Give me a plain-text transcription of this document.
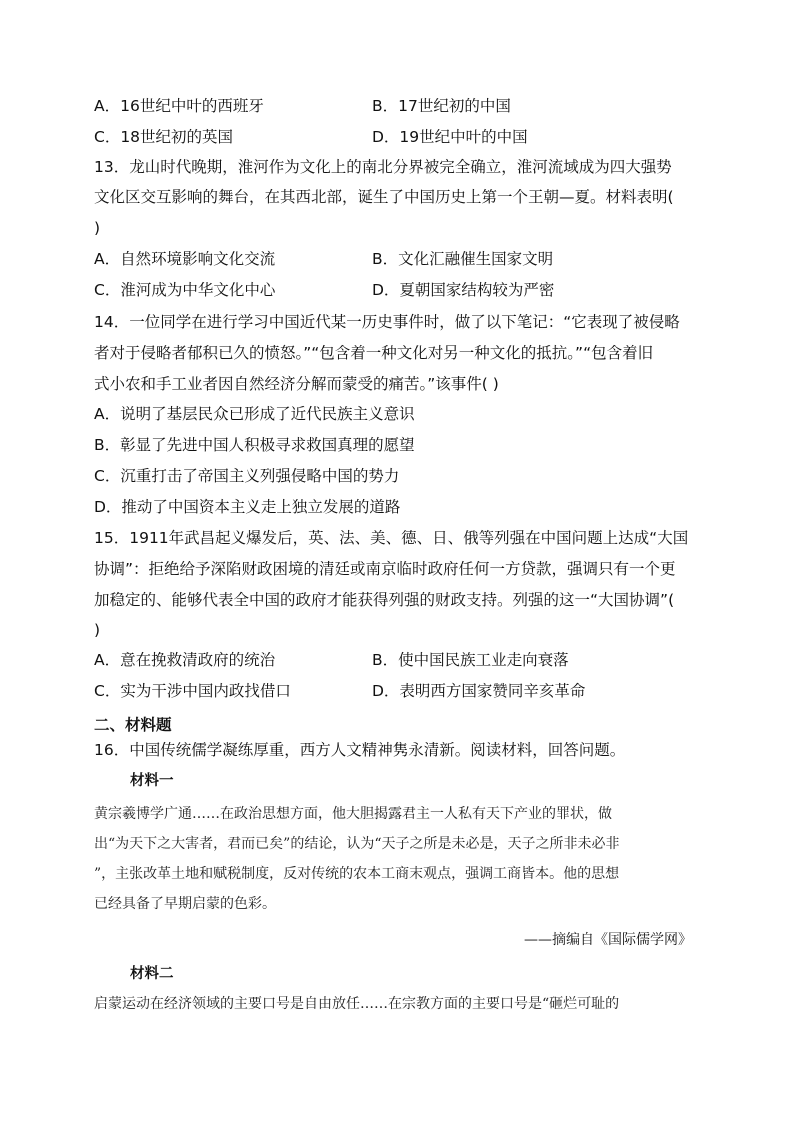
A．16世纪中叶的西班牙	B．17世纪初的中国
C．18世纪初的英国	D．19世纪中叶的中国
13．龙山时代晚期，淮河作为文化上的南北分界被完全确立，淮河流域成为四大强势
文化区交互影响的舞台，在其西北部，诞生了中国历史上第一个王朝—夏。材料表明(
)
A．自然环境影响文化交流	B．文化汇融催生国家文明
C．淮河成为中华文化中心	D．夏朝国家结构较为严密
14．一位同学在进行学习中国近代某一历史事件时，做了以下笔记：“它表现了被侵略
者对于侵略者郁积已久的愤怒。”“包含着一种文化对另一种文化的抵抗。”“包含着旧
式小农和手工业者因自然经济分解而蒙受的痛苦。”该事件( )
A．说明了基层民众已形成了近代民族主义意识
B．彰显了先进中国人积极寻求救国真理的愿望
C．沉重打击了帝国主义列强侵略中国的势力
D．推动了中国资本主义走上独立发展的道路
15．1911年武昌起义爆发后，英、法、美、德、日、俄等列强在中国问题上达成“大国
协调”：拒绝给予深陷财政困境的清廷或南京临时政府任何一方贷款，强调只有一个更
加稳定的、能够代表全中国的政府才能获得列强的财政支持。列强的这一“大国协调”(
)
A．意在挽救清政府的统治	B．使中国民族工业走向衰落
C．实为干涉中国内政找借口	D．表明西方国家赞同辛亥革命
二、材料题
16．中国传统儒学凝练厚重，西方人文精神隽永清新。阅读材料，回答问题。
材料一
黄宗羲博学广通……在政治思想方面，他大胆揭露君主一人私有天下产业的罪状，做
出“为天下之大害者，君而已矣”的结论，认为“天子之所是未必是，天子之所非未必非
”，主张改革土地和赋税制度，反对传统的农本工商末观点，强调工商皆本。他的思想
已经具备了早期启蒙的色彩。
——摘编自《国际儒学网》
材料二
启蒙运动在经济领域的主要口号是自由放任……在宗教方面的主要口号是“砸烂可耻的
